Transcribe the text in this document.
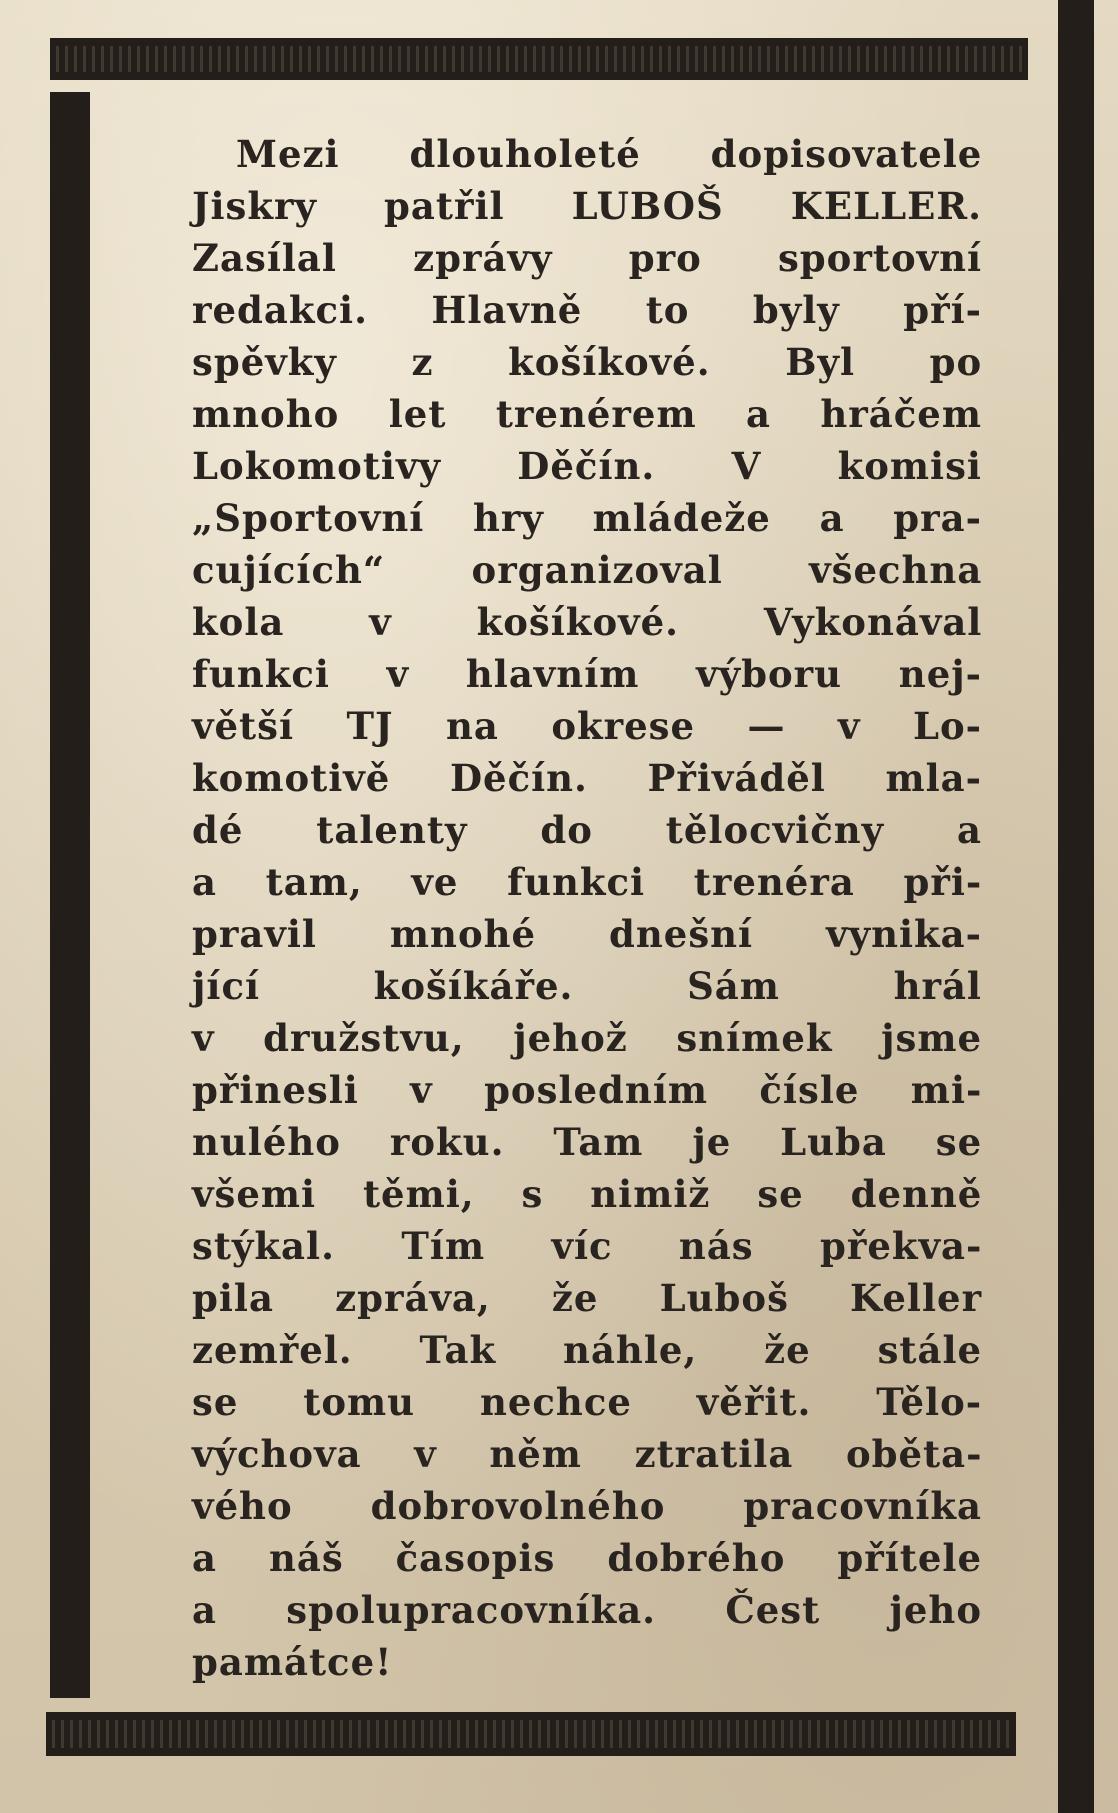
Mezi dlouholeté dopisovatele
Jiskry patřil LUBOŠ KELLER.
Zasílal zprávy pro sportovní
redakci. Hlavně to byly pří-
spěvky z košíkové. Byl po
mnoho let trenérem a hráčem
Lokomotivy Děčín. V komisi
„Sportovní hry mládeže a pra-
cujících“ organizoval všechna
kola v košíkové. Vykonával
funkci v hlavním výboru nej-
větší TJ na okrese — v Lo-
komotivě Děčín. Přiváděl mla-
dé talenty do tělocvičny a
a tam, ve funkci trenéra při-
pravil mnohé dnešní vynika-
jící košíkáře. Sám hrál
v družstvu, jehož snímek jsme
přinesli v posledním čísle mi-
nulého roku. Tam je Luba se
všemi těmi, s nimiž se denně
stýkal. Tím víc nás překva-
pila zpráva, že Luboš Keller
zemřel. Tak náhle, že stále
se tomu nechce věřit. Tělo-
výchova v něm ztratila oběta-
vého dobrovolného pracovníka
a náš časopis dobrého přítele
a spolupracovníka. Čest jeho
památce!
